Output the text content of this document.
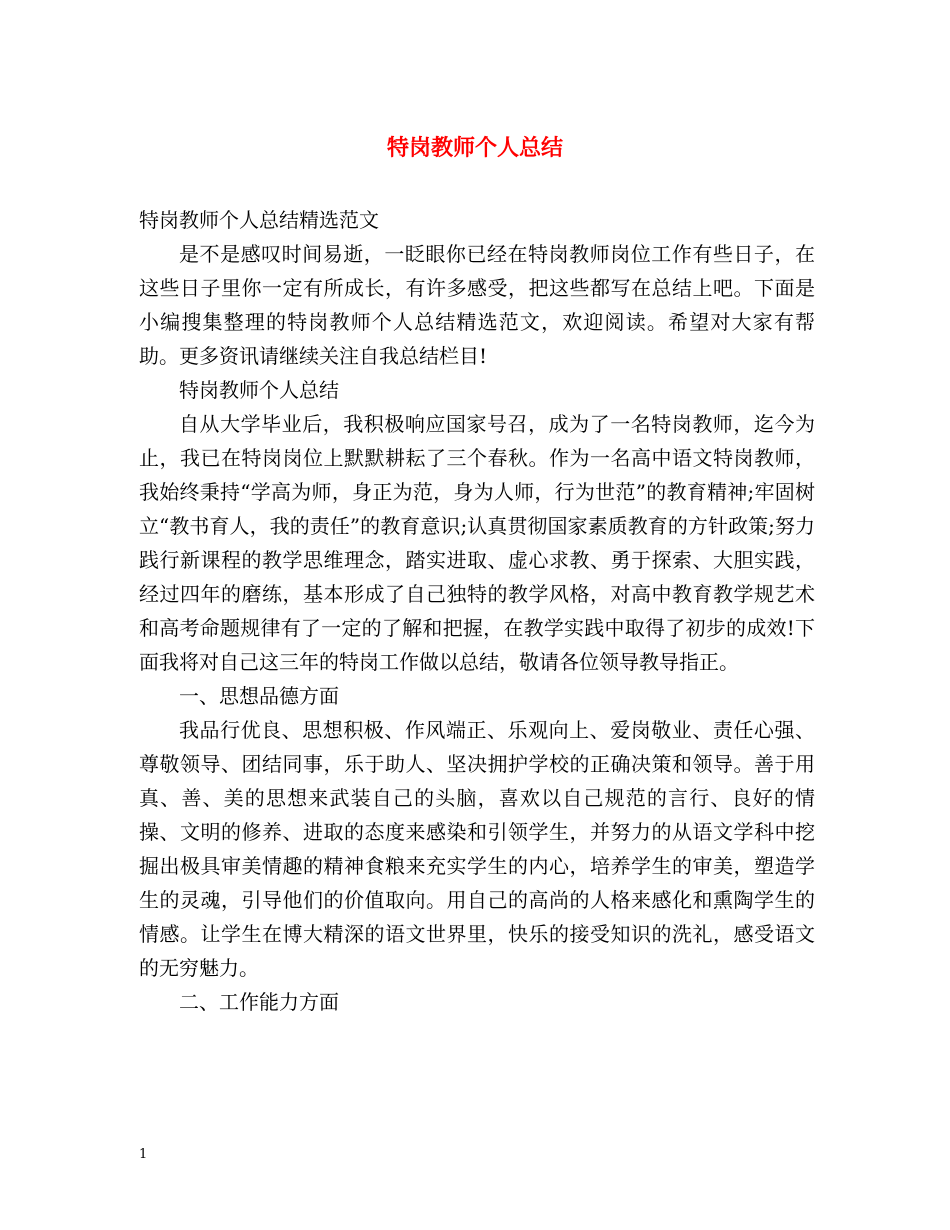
特岗教师个人总结

特岗教师个人总结精选范文

是不是感叹时间易逝，一眨眼你已经在特岗教师岗位工作有些日子，在这些日子里你一定有所成长，有许多感受，把这些都写在总结上吧。下面是小编搜集整理的特岗教师个人总结精选范文，欢迎阅读。希望对大家有帮助。更多资讯请继续关注自我总结栏目!

特岗教师个人总结

自从大学毕业后，我积极响应国家号召，成为了一名特岗教师，迄今为止，我已在特岗岗位上默默耕耘了三个春秋。作为一名高中语文特岗教师，我始终秉持“学高为师，身正为范，身为人师，行为世范”的教育精神;牢固树立“教书育人，我的责任”的教育意识;认真贯彻国家素质教育的方针政策;努力践行新课程的教学思维理念，踏实进取、虚心求教、勇于探索、大胆实践，经过四年的磨练，基本形成了自己独特的教学风格，对高中教育教学规艺术和高考命题规律有了一定的了解和把握，在教学实践中取得了初步的成效!下面我将对自己这三年的特岗工作做以总结，敬请各位领导教导指正。

一、思想品德方面

我品行优良、思想积极、作风端正、乐观向上、爱岗敬业、责任心强、尊敬领导、团结同事，乐于助人、坚决拥护学校的正确决策和领导。善于用真、善、美的思想来武装自己的头脑，喜欢以自己规范的言行、良好的情操、文明的修养、进取的态度来感染和引领学生，并努力的从语文学科中挖掘出极具审美情趣的精神食粮来充实学生的内心，培养学生的审美，塑造学生的灵魂，引导他们的价值取向。用自己的高尚的人格来感化和熏陶学生的情感。让学生在博大精深的语文世界里，快乐的接受知识的洗礼，感受语文的无穷魅力。

二、工作能力方面

1
